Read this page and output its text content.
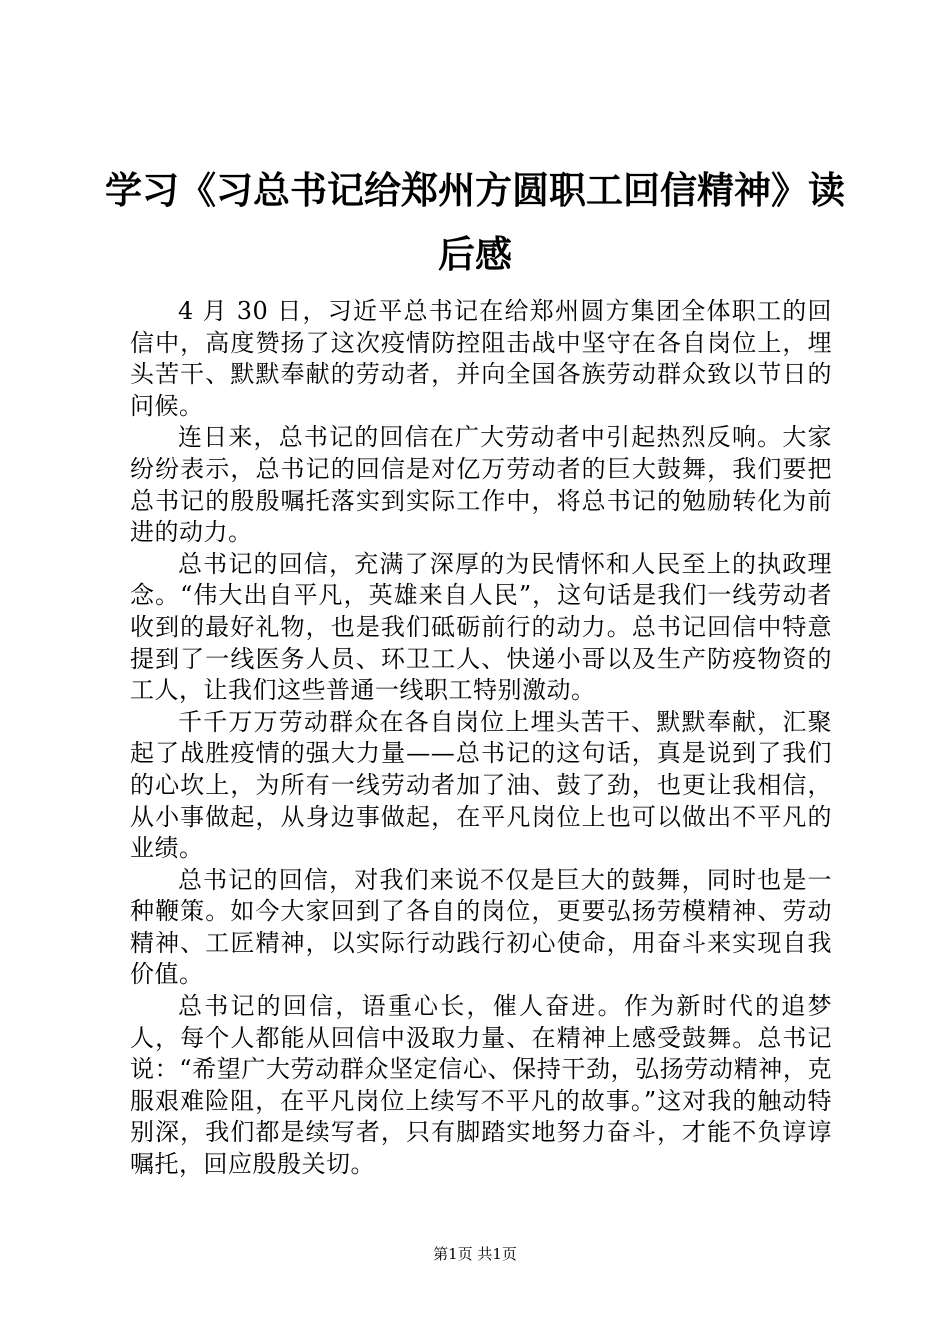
学习《习总书记给郑州方圆职工回信精神》读后感

4 月 30 日，习近平总书记在给郑州圆方集团全体职工的回信中，高度赞扬了这次疫情防控阻击战中坚守在各自岗位上，埋头苦干、默默奉献的劳动者，并向全国各族劳动群众致以节日的问候。

连日来，总书记的回信在广大劳动者中引起热烈反响。大家纷纷表示，总书记的回信是对亿万劳动者的巨大鼓舞，我们要把总书记的殷殷嘱托落实到实际工作中，将总书记的勉励转化为前进的动力。

总书记的回信，充满了深厚的为民情怀和人民至上的执政理念。“伟大出自平凡，英雄来自人民”，这句话是我们一线劳动者收到的最好礼物，也是我们砥砺前行的动力。总书记回信中特意提到了一线医务人员、环卫工人、快递小哥以及生产防疫物资的工人，让我们这些普通一线职工特别激动。

千千万万劳动群众在各自岗位上埋头苦干、默默奉献，汇聚起了战胜疫情的强大力量——总书记的这句话，真是说到了我们的心坎上，为所有一线劳动者加了油、鼓了劲，也更让我相信，从小事做起，从身边事做起，在平凡岗位上也可以做出不平凡的业绩。

总书记的回信，对我们来说不仅是巨大的鼓舞，同时也是一种鞭策。如今大家回到了各自的岗位，更要弘扬劳模精神、劳动精神、工匠精神，以实际行动践行初心使命，用奋斗来实现自我价值。

总书记的回信，语重心长，催人奋进。作为新时代的追梦人，每个人都能从回信中汲取力量、在精神上感受鼓舞。总书记说：“希望广大劳动群众坚定信心、保持干劲，弘扬劳动精神，克服艰难险阻，在平凡岗位上续写不平凡的故事。”这对我的触动特别深，我们都是续写者，只有脚踏实地努力奋斗，才能不负谆谆嘱托，回应殷殷关切。

第1页 共1页
